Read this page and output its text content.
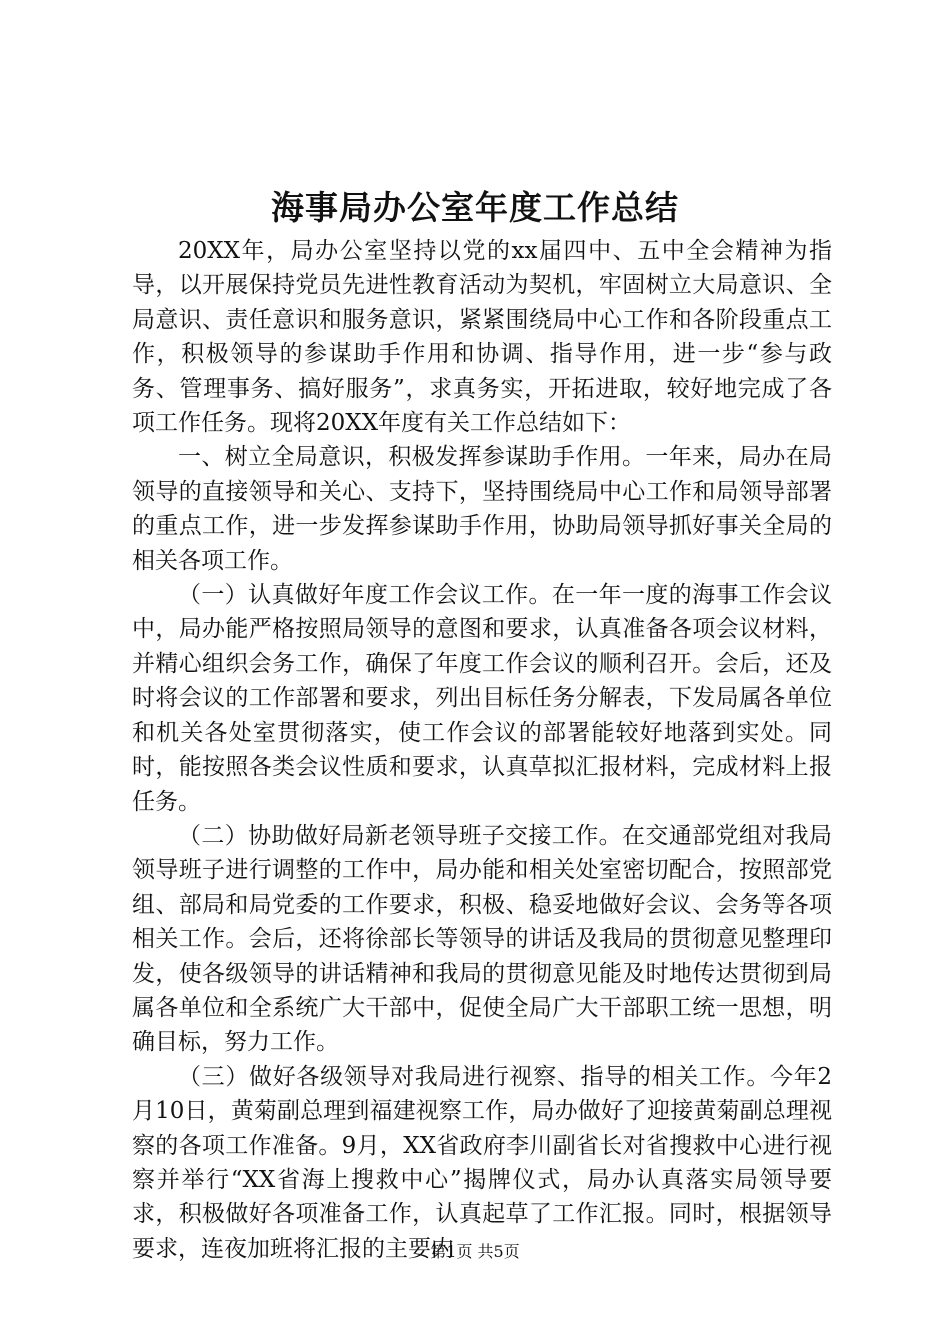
海事局办公室年度工作总结

20XX年，局办公室坚持以党的xx届四中、五中全会精神为指导，以开展保持党员先进性教育活动为契机，牢固树立大局意识、全局意识、责任意识和服务意识，紧紧围绕局中心工作和各阶段重点工作，积极领导的参谋助手作用和协调、指导作用，进一步“参与政务、管理事务、搞好服务”，求真务实，开拓进取，较好地完成了各项工作任务。现将20XX年度有关工作总结如下：

一、树立全局意识，积极发挥参谋助手作用。一年来，局办在局领导的直接领导和关心、支持下，坚持围绕局中心工作和局领导部署的重点工作，进一步发挥参谋助手作用，协助局领导抓好事关全局的相关各项工作。

（一）认真做好年度工作会议工作。在一年一度的海事工作会议中，局办能严格按照局领导的意图和要求，认真准备各项会议材料，并精心组织会务工作，确保了年度工作会议的顺利召开。会后，还及时将会议的工作部署和要求，列出目标任务分解表，下发局属各单位和机关各处室贯彻落实，使工作会议的部署能较好地落到实处。同时，能按照各类会议性质和要求，认真草拟汇报材料，完成材料上报任务。

（二）协助做好局新老领导班子交接工作。在交通部党组对我局领导班子进行调整的工作中，局办能和相关处室密切配合，按照部党组、部局和局党委的工作要求，积极、稳妥地做好会议、会务等各项相关工作。会后，还将徐部长等领导的讲话及我局的贯彻意见整理印发，使各级领导的讲话精神和我局的贯彻意见能及时地传达贯彻到局属各单位和全系统广大干部中，促使全局广大干部职工统一思想，明确目标，努力工作。

（三）做好各级领导对我局进行视察、指导的相关工作。今年2月10日，黄菊副总理到福建视察工作，局办做好了迎接黄菊副总理视察的各项工作准备。9月，XX省政府李川副省长对省搜救中心进行视察并举行“XX省海上搜救中心”揭牌仪式，局办认真落实局领导要求，积极做好各项准备工作，认真起草了工作汇报。同时，根据领导要求，连夜加班将汇报的主要内

第1页 共5页
